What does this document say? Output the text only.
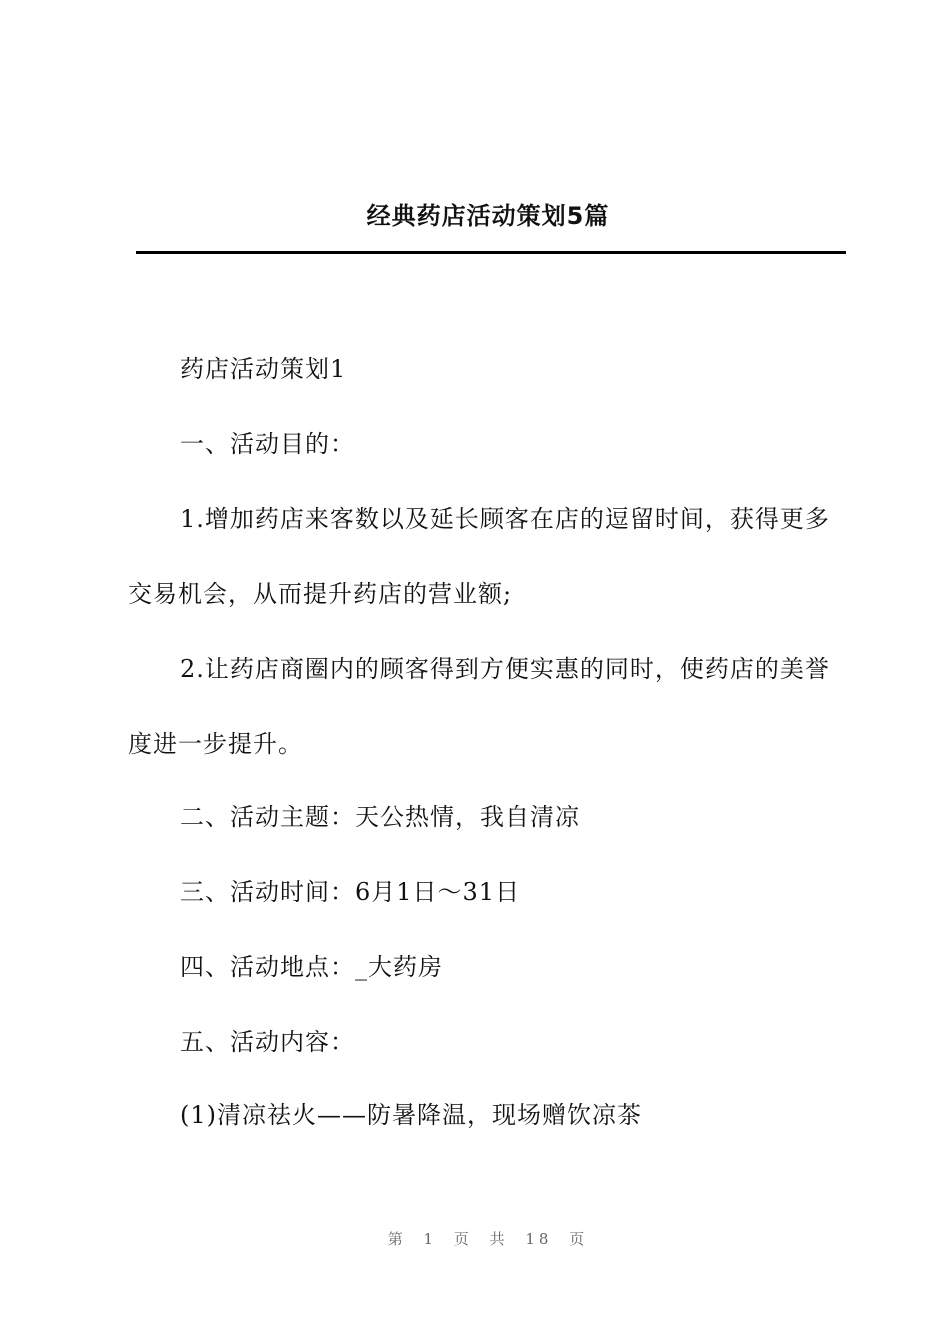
经典药店活动策划5篇
药店活动策划1
一、活动目的：
1.增加药店来客数以及延长顾客在店的逗留时间，获得更多
交易机会，从而提升药店的营业额;
2.让药店商圈内的顾客得到方便实惠的同时，使药店的美誉
度进一步提升。
二、活动主题：天公热情，我自清凉
三、活动时间：6月1日～31日
四、活动地点：_大药房
五、活动内容：
(1)清凉祛火——防暑降温，现场赠饮凉茶
第 1 页 共 18 页
